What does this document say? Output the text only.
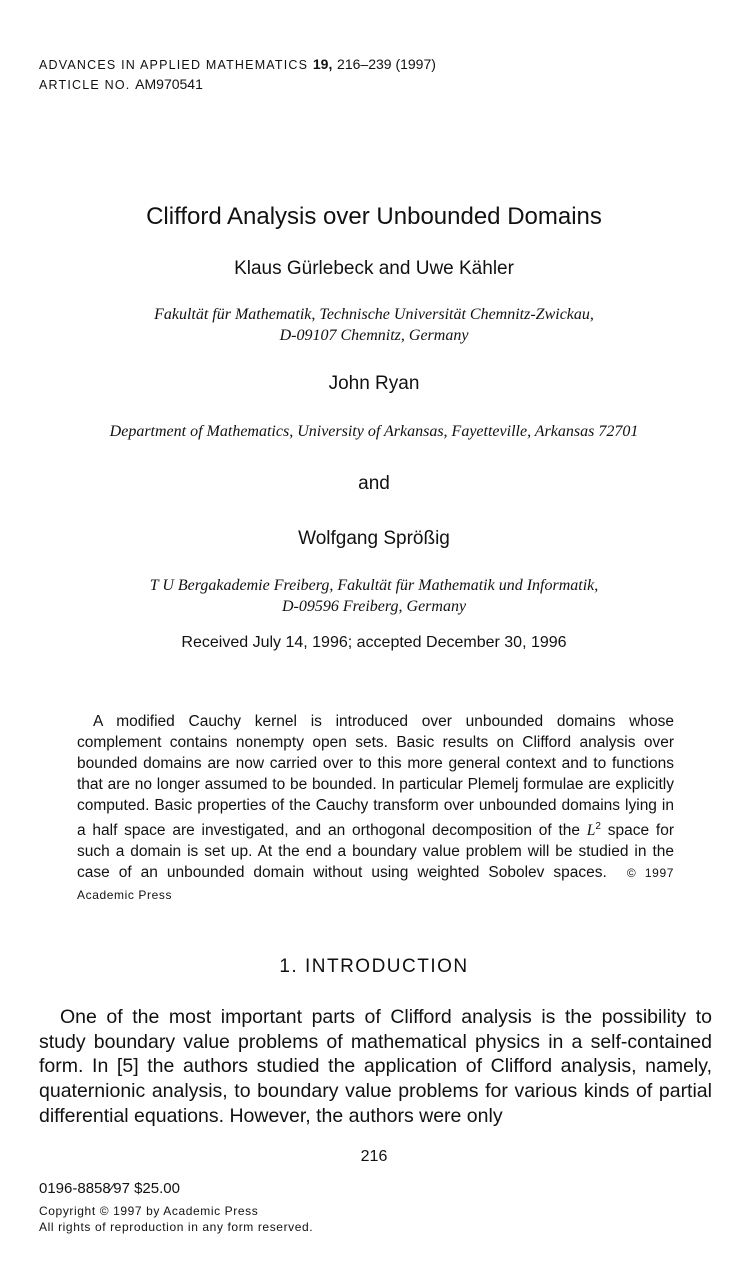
ADVANCES IN APPLIED MATHEMATICS 19, 216–239 (1997)
ARTICLE NO. AM970541
Clifford Analysis over Unbounded Domains
Klaus Gürlebeck and Uwe Kähler
Fakultät für Mathematik, Technische Universität Chemnitz-Zwickau,
D-09107 Chemnitz, Germany
John Ryan
Department of Mathematics, University of Arkansas, Fayetteville, Arkansas 72701
and
Wolfgang Sprößig
T U Bergakademie Freiberg, Fakultät für Mathematik und Informatik,
D-09596 Freiberg, Germany
Received July 14, 1996; accepted December 30, 1996
A modified Cauchy kernel is introduced over unbounded domains whose complement contains nonempty open sets. Basic results on Clifford analysis over bounded domains are now carried over to this more general context and to functions that are no longer assumed to be bounded. In particular Plemelj formulae are explicitly computed. Basic properties of the Cauchy transform over unbounded domains lying in a half space are investigated, and an orthogonal decomposition of the $L^2$ space for such a domain is set up. At the end a boundary value problem will be studied in the case of an unbounded domain without using weighted Sobolev spaces. © 1997 Academic Press
1. INTRODUCTION
One of the most important parts of Clifford analysis is the possibility to study boundary value problems of mathematical physics in a self-contained form. In [5] the authors studied the application of Clifford analysis, namely, quaternionic analysis, to boundary value problems for various kinds of partial differential equations. However, the authors were only
216
0196-8858⁄97 $25.00
Copyright © 1997 by Academic Press
All rights of reproduction in any form reserved.
